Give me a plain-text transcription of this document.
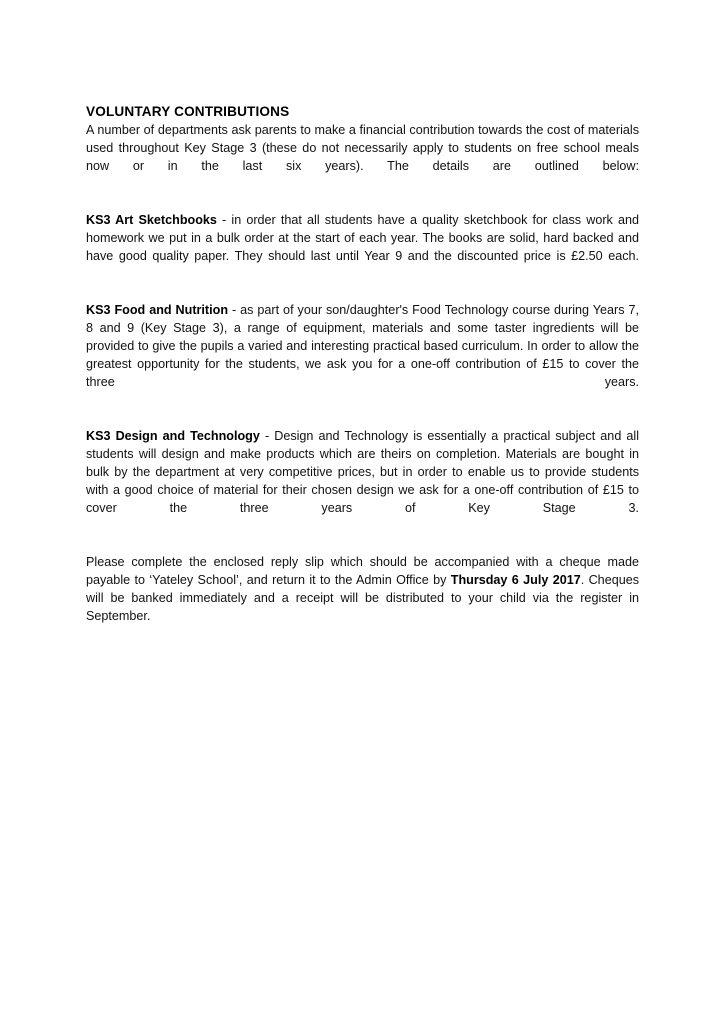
VOLUNTARY CONTRIBUTIONS

A number of departments ask parents to make a financial contribution towards the cost of materials used throughout Key Stage 3 (these do not necessarily apply to students on free school meals now or in the last six years). The details are outlined below:

KS3 Art Sketchbooks - in order that all students have a quality sketchbook for class work and homework we put in a bulk order at the start of each year. The books are solid, hard backed and have good quality paper. They should last until Year 9 and the discounted price is £2.50 each.

KS3 Food and Nutrition - as part of your son/daughter's Food Technology course during Years 7, 8 and 9 (Key Stage 3), a range of equipment, materials and some taster ingredients will be provided to give the pupils a varied and interesting practical based curriculum. In order to allow the greatest opportunity for the students, we ask you for a one-off contribution of £15 to cover the three years.

KS3 Design and Technology - Design and Technology is essentially a practical subject and all students will design and make products which are theirs on completion. Materials are bought in bulk by the department at very competitive prices, but in order to enable us to provide students with a good choice of material for their chosen design we ask for a one-off contribution of £15 to cover the three years of Key Stage 3.

Please complete the enclosed reply slip which should be accompanied with a cheque made payable to ‘Yateley School’, and return it to the Admin Office by Thursday 6 July 2017. Cheques will be banked immediately and a receipt will be distributed to your child via the register in September.
